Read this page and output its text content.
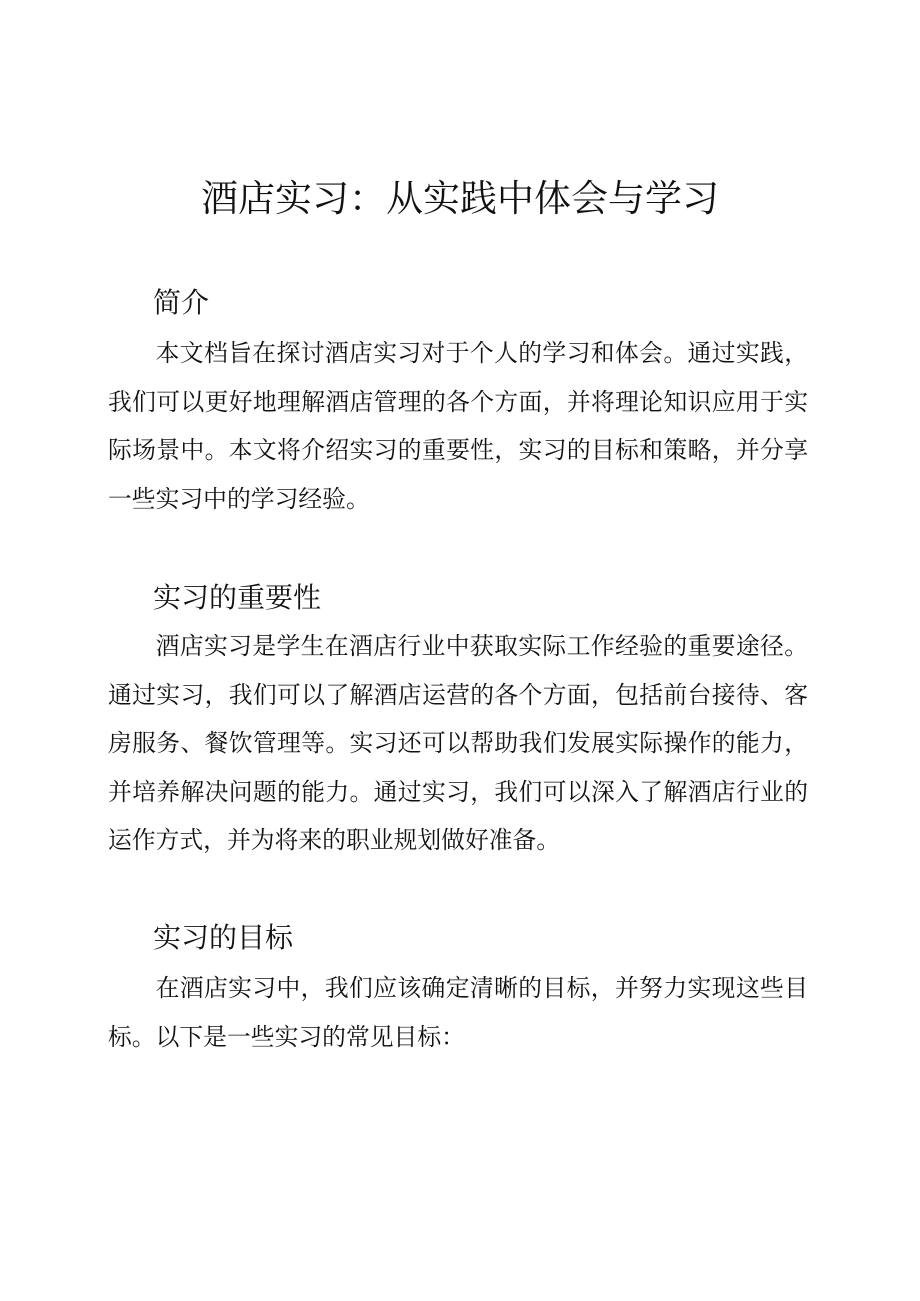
酒店实习：从实践中体会与学习
简介

本文档旨在探讨酒店实习对于个人的学习和体会。通过实践，我们可以更好地理解酒店管理的各个方面，并将理论知识应用于实际场景中。本文将介绍实习的重要性，实习的目标和策略，并分享一些实习中的学习经验。

实习的重要性

酒店实习是学生在酒店行业中获取实际工作经验的重要途径。通过实习，我们可以了解酒店运营的各个方面，包括前台接待、客房服务、餐饮管理等。实习还可以帮助我们发展实际操作的能力，并培养解决问题的能力。通过实习，我们可以深入了解酒店行业的运作方式，并为将来的职业规划做好准备。

实习的目标

在酒店实习中，我们应该确定清晰的目标，并努力实现这些目标。以下是一些实习的常见目标：
